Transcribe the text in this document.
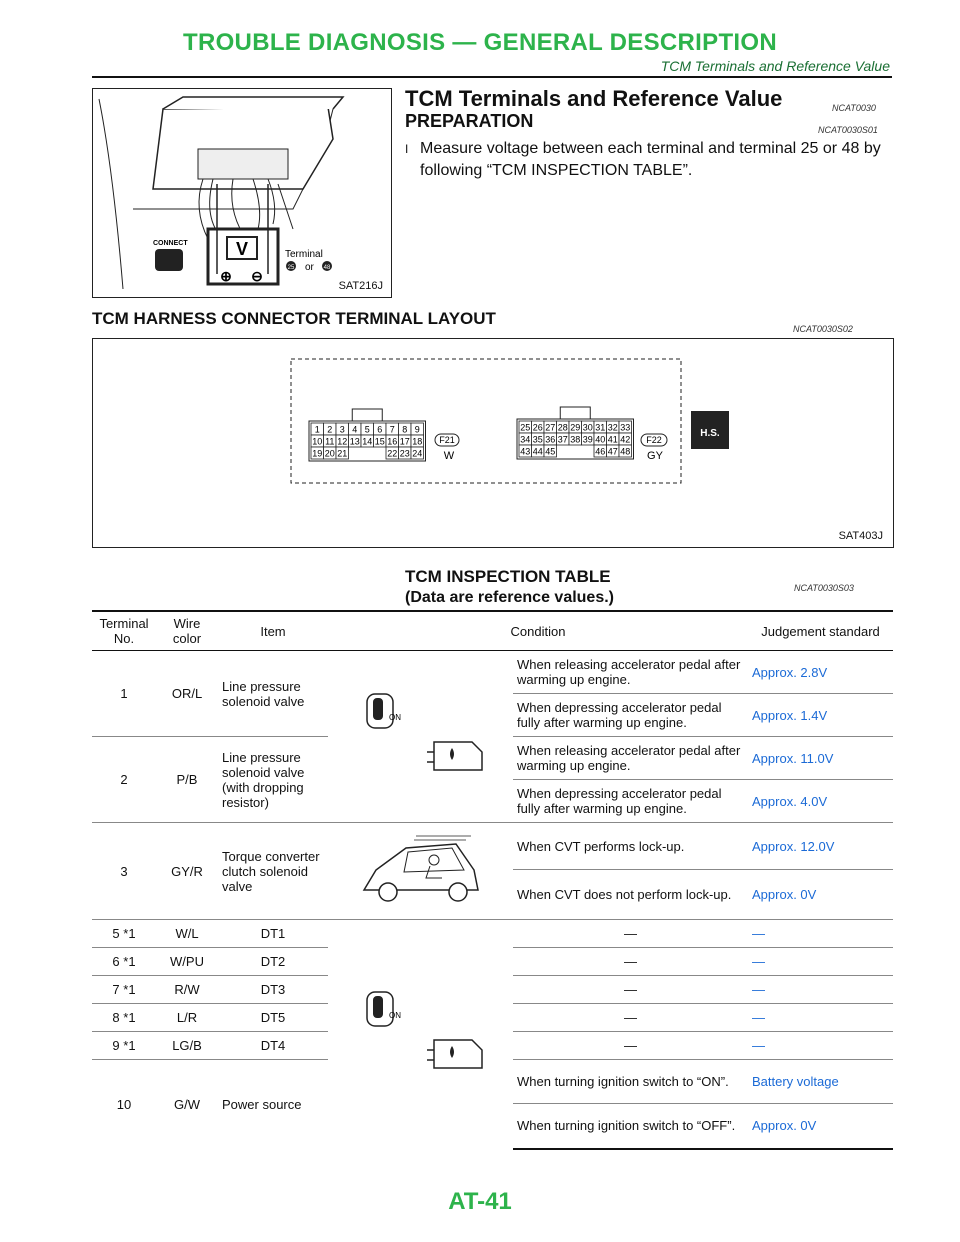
TROUBLE DIAGNOSIS — GENERAL DESCRIPTION
TCM Terminals and Reference Value
V
⊕ ⊖
Terminal
25 or 48
CONNECT
SAT216J
TCM Terminals and Reference Value	NCAT0030
PREPARATION	NCAT0030S01
I Measure voltage between each terminal and terminal 25 or 48 by following “TCM INSPECTION TABLE”.
TCM HARNESS CONNECTOR TERMINAL LAYOUT
NCAT0030S02
1 2 3 4 5 6 7 8 9
10 11 12 13 14 15 16 17 18
19 20 21	22 23 24
25 26 27 28 29 30 31 32 33
34 35 36 37 38 39 40 41 42
43 44 45	46 47 48
F21
W
F22
GY
H.S.
SAT403J
TCM INSPECTION TABLE
NCAT0030S03
(Data are reference values.)
Terminal No.	Wire color	Item	Condition		Judgement standard
1	OR/L	Line pressure solenoid valve	ON	When releasing accelerator pedal after warming up engine.	Approx. 2.8V
				When depressing accelerator pedal fully after warming up engine.	Approx. 1.4V
2	P/B	Line pressure solenoid valve (with dropping resistor)		When releasing accelerator pedal after warming up engine.	Approx. 11.0V
				When depressing accelerator pedal fully after warming up engine.	Approx. 4.0V
3	GY/R	Torque converter clutch solenoid valve		When CVT performs lock-up.	Approx. 12.0V
				When CVT does not perform lock-up.	Approx. 0V
5 *1	W/L	DT1	ON	—	—
6 *1	W/PU	DT2		—	—
7 *1	R/W	DT3		—	—
8 *1	L/R	DT5		—	—
9 *1	LG/B	DT4		—	—
10	G/W	Power source		When turning ignition switch to “ON”.	Battery voltage
				When turning ignition switch to “OFF”.	Approx. 0V
AT-41
